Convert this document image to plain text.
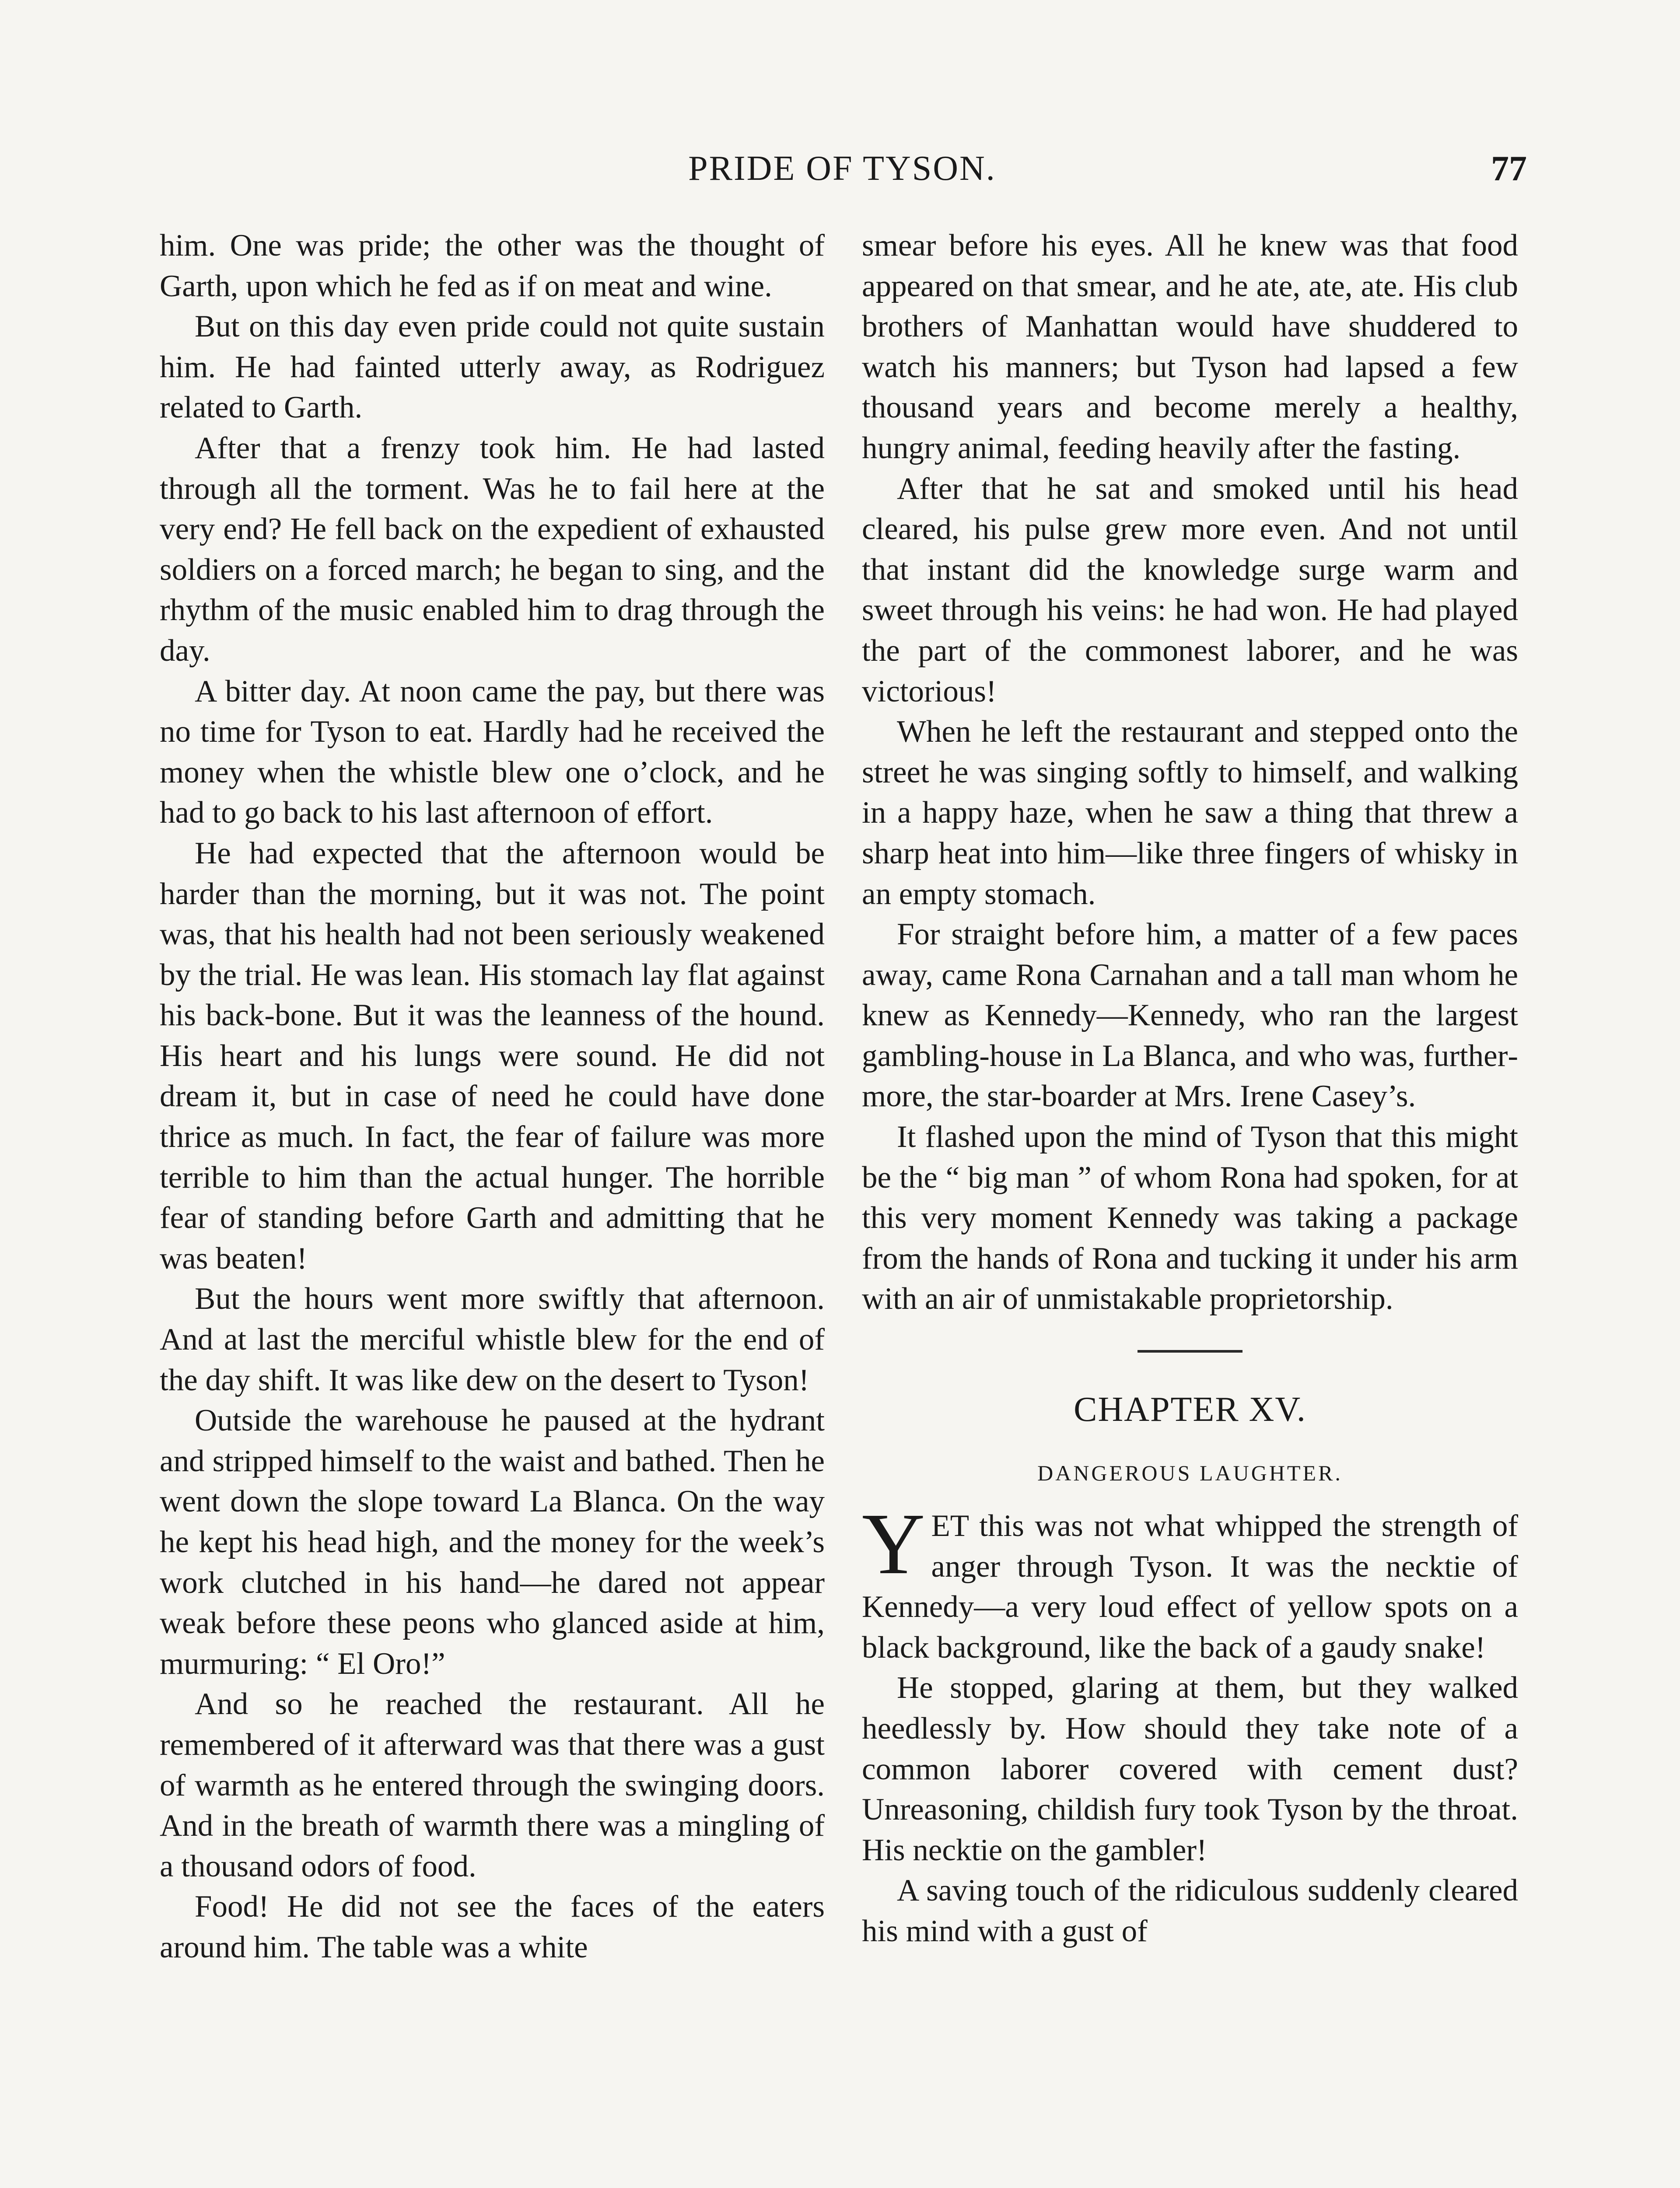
PRIDE OF TYSON.	77

him. One was pride; the other was the thought of Garth, upon which he fed as if on meat and wine.

But on this day even pride could not quite sustain him. He had fainted utterly away, as Rodriguez related to Garth.

After that a frenzy took him. He had lasted through all the torment. Was he to fail here at the very end? He fell back on the expedient of exhausted soldiers on a forced march; he began to sing, and the rhythm of the music enabled him to drag through the day.

A bitter day. At noon came the pay, but there was no time for Tyson to eat. Hardly had he received the money when the whistle blew one o’clock, and he had to go back to his last afternoon of effort.

He had expected that the afternoon would be harder than the morning, but it was not. The point was, that his health had not been seriously weakened by the trial. He was lean. His stomach lay flat against his back-bone. But it was the leanness of the hound. His heart and his lungs were sound. He did not dream it, but in case of need he could have done thrice as much. In fact, the fear of failure was more terrible to him than the actual hunger. The horrible fear of standing before Garth and admitting that he was beaten!

But the hours went more swiftly that afternoon. And at last the merciful whistle blew for the end of the day shift. It was like dew on the desert to Tyson!

Outside the warehouse he paused at the hydrant and stripped himself to the waist and bathed. Then he went down the slope toward La Blanca. On the way he kept his head high, and the money for the week’s work clutched in his hand—he dared not appear weak before these peons who glanced aside at him, murmuring: “ El Oro!”

And so he reached the restaurant. All he remembered of it afterward was that there was a gust of warmth as he entered through the swinging doors. And in the breath of warmth there was a mingling of a thousand odors of food.

Food! He did not see the faces of the eaters around him. The table was a white

smear before his eyes. All he knew was that food appeared on that smear, and he ate, ate, ate. His club brothers of Manhattan would have shuddered to watch his manners; but Tyson had lapsed a few thousand years and become merely a healthy, hungry animal, feeding heavily after the fasting.

After that he sat and smoked until his head cleared, his pulse grew more even. And not until that instant did the knowledge surge warm and sweet through his veins: he had won. He had played the part of the commonest laborer, and he was victorious!

When he left the restaurant and stepped onto the street he was singing softly to himself, and walking in a happy haze, when he saw a thing that threw a sharp heat into him—like three fingers of whisky in an empty stomach.

For straight before him, a matter of a few paces away, came Rona Carnahan and a tall man whom he knew as Kennedy—Kennedy, who ran the largest gambling-house in La Blanca, and who was, furthermore, the star-boarder at Mrs. Irene Casey’s.

It flashed upon the mind of Tyson that this might be the “ big man ” of whom Rona had spoken, for at this very moment Kennedy was taking a package from the hands of Rona and tucking it under his arm with an air of unmistakable proprietorship.

CHAPTER XV.
DANGEROUS LAUGHTER.

YET this was not what whipped the strength of anger through Tyson. It was the necktie of Kennedy—a very loud effect of yellow spots on a black background, like the back of a gaudy snake!

He stopped, glaring at them, but they walked heedlessly by. How should they take note of a common laborer covered with cement dust? Unreasoning, childish fury took Tyson by the throat. His necktie on the gambler!

A saving touch of the ridiculous suddenly cleared his mind with a gust of
